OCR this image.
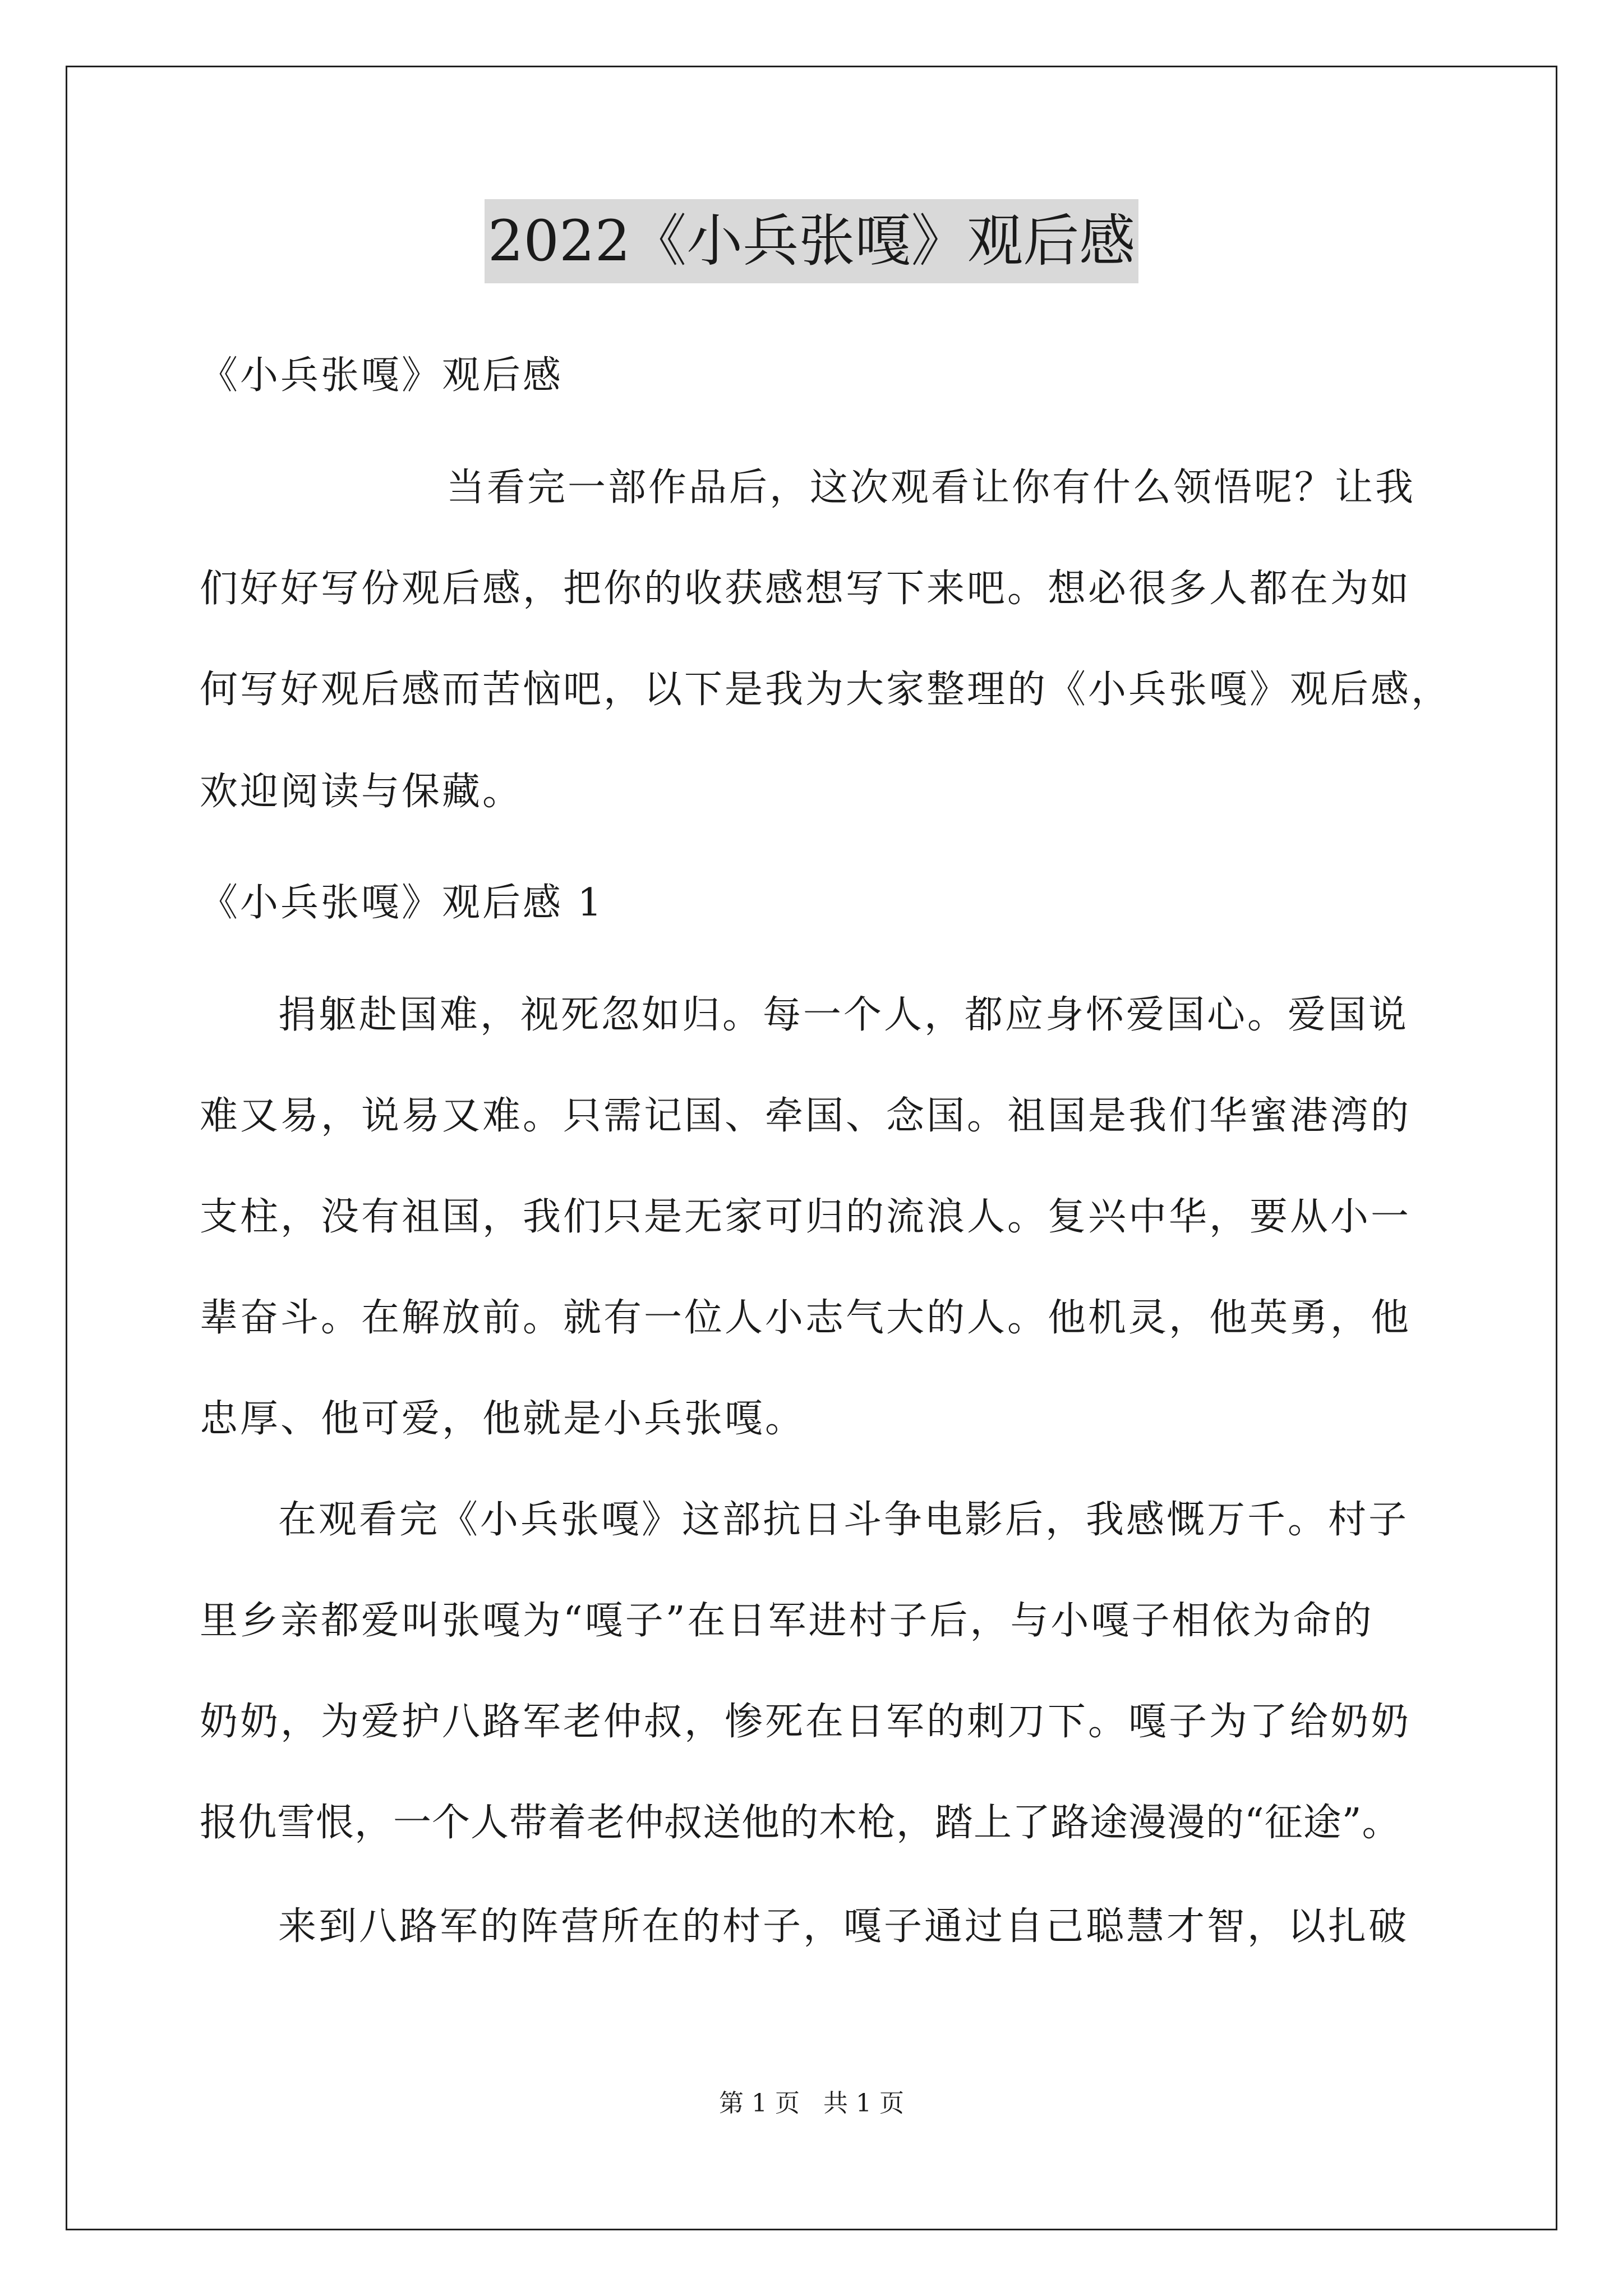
2022《小兵张嘎》观后感
《小兵张嘎》观后感
当看完一部作品后，这次观看让你有什么领悟呢？让我
们好好写份观后感，把你的收获感想写下来吧。想必很多人都在为如
何写好观后感而苦恼吧，以下是我为大家整理的《小兵张嘎》观后感，
欢迎阅读与保藏。
《小兵张嘎》观后感 1
捐躯赴国难，视死忽如归。每一个人，都应身怀爱国心。爱国说
难又易，说易又难。只需记国、牵国、念国。祖国是我们华蜜港湾的
支柱，没有祖国，我们只是无家可归的流浪人。复兴中华，要从小一
辈奋斗。在解放前。就有一位人小志气大的人。他机灵，他英勇，他
忠厚、他可爱，他就是小兵张嘎。
在观看完《小兵张嘎》这部抗日斗争电影后，我感慨万千。村子
里乡亲都爱叫张嘎为“嘎子”在日军进村子后，与小嘎子相依为命的
奶奶，为爱护八路军老仲叔，惨死在日军的刺刀下。嘎子为了给奶奶
报仇雪恨，一个人带着老仲叔送他的木枪，踏上了路途漫漫的“征途”。
来到八路军的阵营所在的村子，嘎子通过自己聪慧才智，以扎破
第 1 页 共 1 页
